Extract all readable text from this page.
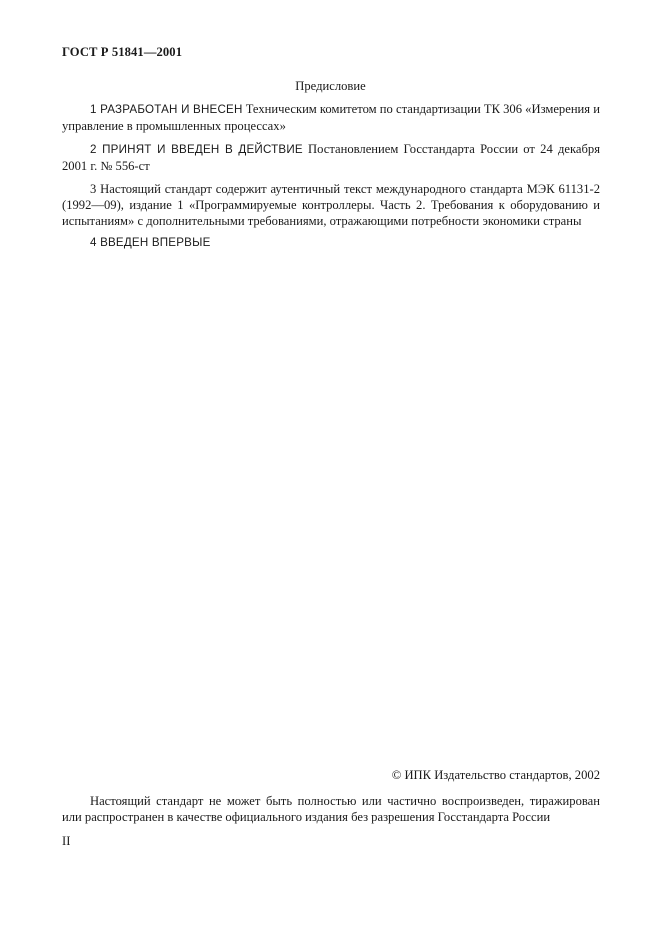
ГОСТ Р 51841—2001
Предисловие
1 РАЗРАБОТАН И ВНЕСЕН Техническим комитетом по стандартизации ТК 306 «Измерения и управление в промышленных процессах»
2 ПРИНЯТ И ВВЕДЕН В ДЕЙСТВИЕ Постановлением Госстандарта России от 24 декабря 2001 г. № 556-ст
3 Настоящий стандарт содержит аутентичный текст международного стандарта МЭК 61131-2 (1992—09), издание 1 «Программируемые контроллеры. Часть 2. Требования к оборудованию и испытаниям» с дополнительными требованиями, отражающими потребности экономики страны
4 ВВЕДЕН ВПЕРВЫЕ
© ИПК Издательство стандартов, 2002
Настоящий стандарт не может быть полностью или частично воспроизведен, тиражирован или распространен в качестве официального издания без разрешения Госстандарта России
II
